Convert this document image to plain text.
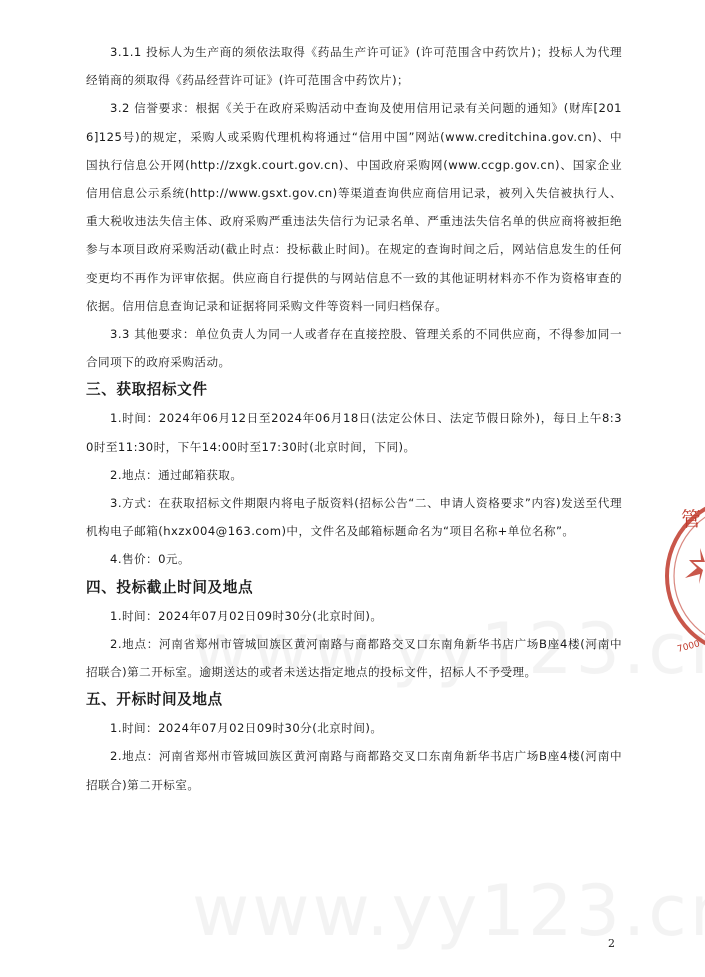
3.1.1 投标人为生产商的须依法取得《药品生产许可证》(许可范围含中药饮片)；投标人为代理经销商的须取得《药品经营许可证》(许可范围含中药饮片)；

3.2 信誉要求：根据《关于在政府采购活动中查询及使用信用记录有关问题的通知》(财库[2016]125号)的规定，采购人或采购代理机构将通过“信用中国”网站(www.creditchina.gov.cn)、中国执行信息公开网(http://zxgk.court.gov.cn)、中国政府采购网(www.ccgp.gov.cn)、国家企业信用信息公示系统(http://www.gsxt.gov.cn)等渠道查询供应商信用记录，被列入失信被执行人、重大税收违法失信主体、政府采购严重违法失信行为记录名单、严重违法失信名单的供应商将被拒绝参与本项目政府采购活动(截止时点：投标截止时间)。在规定的查询时间之后，网站信息发生的任何变更均不再作为评审依据。供应商自行提供的与网站信息不一致的其他证明材料亦不作为资格审查的依据。信用信息查询记录和证据将同采购文件等资料一同归档保存。

3.3 其他要求：单位负责人为同一人或者存在直接控股、管理关系的不同供应商，不得参加同一合同项下的政府采购活动。

三、获取招标文件

1.时间：2024年06月12日至2024年06月18日(法定公休日、法定节假日除外)，每日上午8:30时至11:30时，下午14:00时至17:30时(北京时间，下同)。

2.地点：通过邮箱获取。

3.方式：在获取招标文件期限内将电子版资料(招标公告“二、申请人资格要求”内容)发送至代理机构电子邮箱(hxzx004@163.com)中，文件名及邮箱标题命名为“项目名称+单位名称”。

4.售价：0元。

四、投标截止时间及地点

1.时间：2024年07月02日09时30分(北京时间)。

2.地点：河南省郑州市管城回族区黄河南路与商都路交叉口东南角新华书店广场B座4楼(河南中招联合)第二开标室。逾期送达的或者未送达指定地点的投标文件，招标人不予受理。

五、开标时间及地点

1.时间：2024年07月02日09时30分(北京时间)。

2.地点：河南省郑州市管城回族区黄河南路与商都路交叉口东南角新华书店广场B座4楼(河南中招联合)第二开标室。

管
7000
2
